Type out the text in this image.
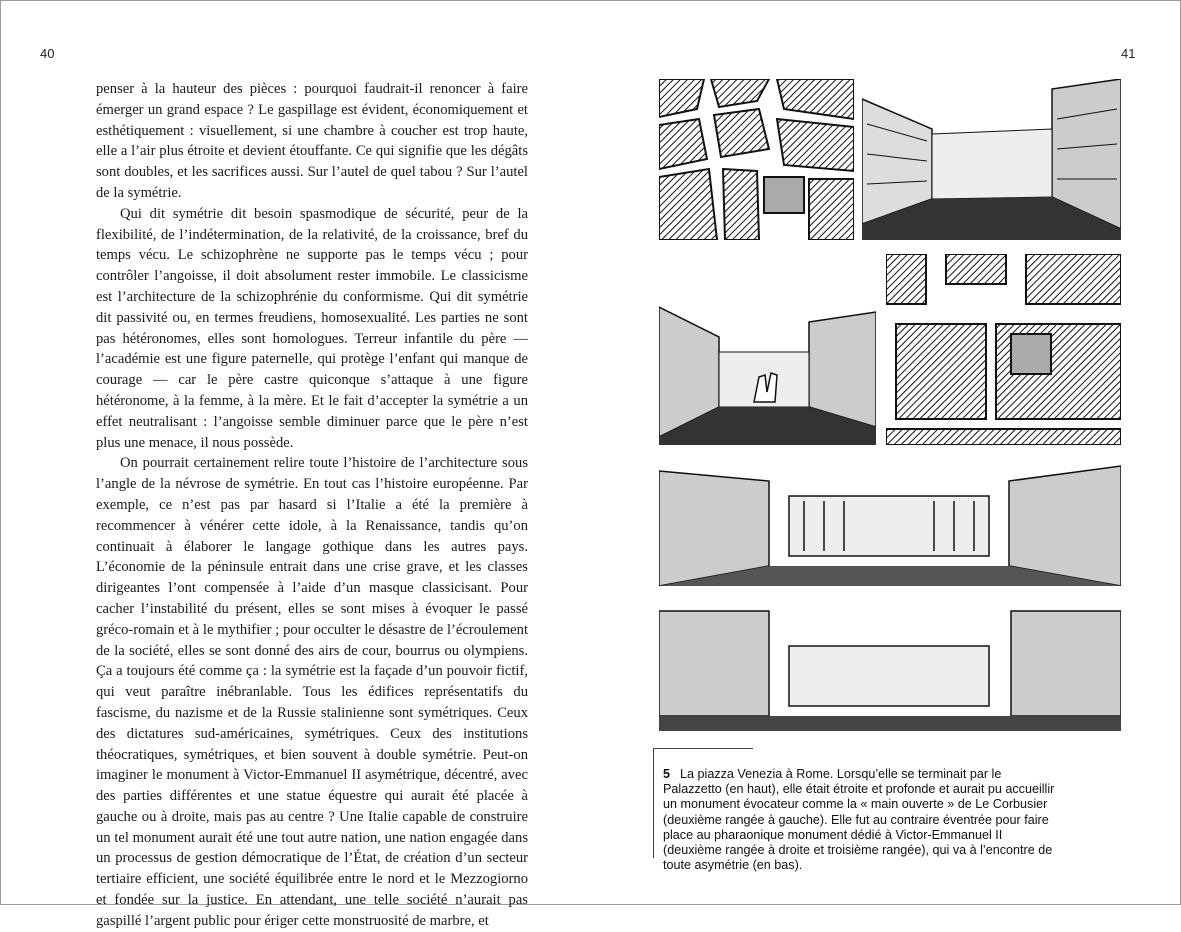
40	41

penser à la hauteur des pièces : pourquoi faudrait-il renoncer à faire émerger un grand espace ? Le gaspillage est évident, économiquement et esthétiquement : visuellement, si une chambre à coucher est trop haute, elle a l’air plus étroite et devient étouffante. Ce qui signifie que les dégâts sont doubles, et les sacrifices aussi. Sur l’autel de quel tabou ? Sur l’autel de la symétrie.

Qui dit symétrie dit besoin spasmodique de sécurité, peur de la flexibilité, de l’indétermination, de la relativité, de la croissance, bref du temps vécu. Le schizophrène ne supporte pas le temps vécu ; pour contrôler l’angoisse, il doit absolument rester immobile. Le classicisme est l’architecture de la schizophrénie du conformisme. Qui dit symétrie dit passivité ou, en termes freudiens, homosexualité. Les parties ne sont pas hétéronomes, elles sont homologues. Terreur infantile du père — l’académie est une figure paternelle, qui protège l’enfant qui manque de courage — car le père castre quiconque s’attaque à une figure hétéronome, à la femme, à la mère. Et le fait d’accepter la symétrie a un effet neutralisant : l’angoisse semble diminuer parce que le père n’est plus une menace, il nous possède.

On pourrait certainement relire toute l’histoire de l’architecture sous l’angle de la névrose de symétrie. En tout cas l’histoire européenne. Par exemple, ce n’est pas par hasard si l’Italie a été la première à recommencer à vénérer cette idole, à la Renaissance, tandis qu’on continuait à élaborer le langage gothique dans les autres pays. L’économie de la péninsule entrait dans une crise grave, et les classes dirigeantes l’ont compensée à l’aide d’un masque classicisant. Pour cacher l’instabilité du présent, elles se sont mises à évoquer le passé gréco-romain et à le mythifier ; pour occulter le désastre de l’écroulement de la société, elles se sont donné des airs de cour, bourrus ou olympiens. Ça a toujours été comme ça : la symétrie est la façade d’un pouvoir fictif, qui veut paraître inébranlable. Tous les édifices représentatifs du fascisme, du nazisme et de la Russie stalinienne sont symétriques. Ceux des dictatures sud-américaines, symétriques. Ceux des institutions théocratiques, symétriques, et bien souvent à double symétrie. Peut-on imaginer le monument à Victor-Emmanuel II asymétrique, décentré, avec des parties différentes et une statue équestre qui aurait été placée à gauche ou à droite, mais pas au centre ? Une Italie capable de construire un tel monument aurait été une tout autre nation, une nation engagée dans un processus de gestion démocratique de l’État, de création d’un secteur tertiaire efficient, une société équilibrée entre le nord et le Mezzogiorno et fondée sur la justice. En attendant, une telle société n’aurait pas gaspillé l’argent public pour ériger cette monstruosité de marbre, et

5 La piazza Venezia à Rome. Lorsqu’elle se terminait par le Palazzetto (en haut), elle était étroite et profonde et aurait pu accueillir un monument évocateur comme la « main ouverte » de Le Corbusier (deuxième rangée à gauche). Elle fut au contraire éventrée pour faire place au pharaonique monument dédié à Victor-Emmanuel II (deuxième rangée à droite et troisième rangée), qui va à l’encontre de toute asymétrie (en bas).
